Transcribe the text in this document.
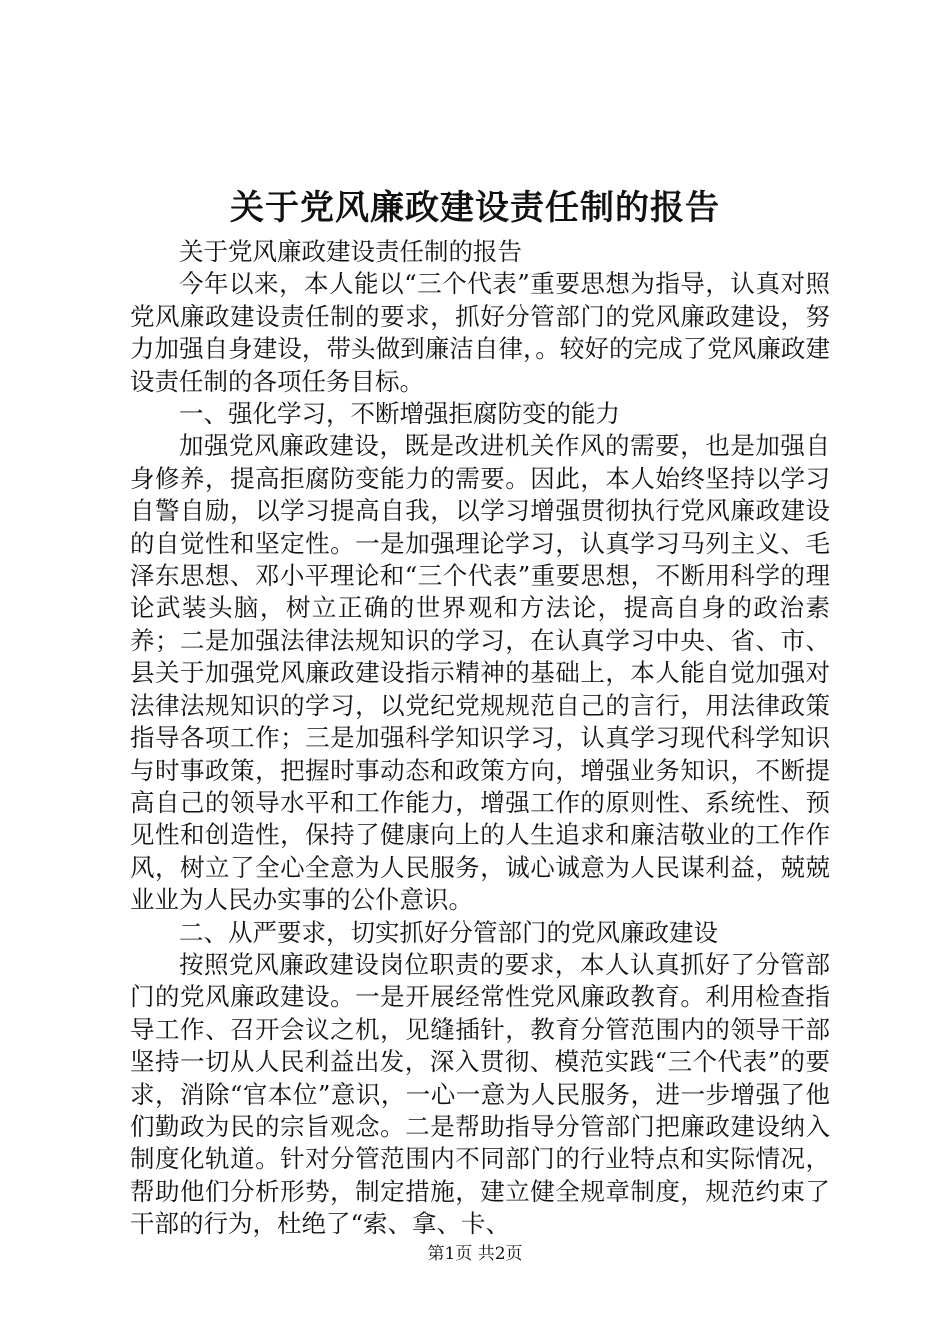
关于党风廉政建设责任制的报告

关于党风廉政建设责任制的报告

今年以来，本人能以“三个代表”重要思想为指导，认真对照党风廉政建设责任制的要求，抓好分管部门的党风廉政建设，努力加强自身建设，带头做到廉洁自律，。较好的完成了党风廉政建设责任制的各项任务目标。

一、强化学习，不断增强拒腐防变的能力

加强党风廉政建设，既是改进机关作风的需要，也是加强自身修养，提高拒腐防变能力的需要。因此，本人始终坚持以学习自警自励，以学习提高自我，以学习增强贯彻执行党风廉政建设的自觉性和坚定性。一是加强理论学习，认真学习马列主义、毛泽东思想、邓小平理论和“三个代表”重要思想，不断用科学的理论武装头脑，树立正确的世界观和方法论，提高自身的政治素养；二是加强法律法规知识的学习，在认真学习中央、省、市、县关于加强党风廉政建设指示精神的基础上，本人能自觉加强对法律法规知识的学习，以党纪党规规范自己的言行，用法律政策指导各项工作；三是加强科学知识学习，认真学习现代科学知识与时事政策，把握时事动态和政策方向，增强业务知识，不断提高自己的领导水平和工作能力，增强工作的原则性、系统性、预见性和创造性，保持了健康向上的人生追求和廉洁敬业的工作作风，树立了全心全意为人民服务，诚心诚意为人民谋利益，兢兢业业为人民办实事的公仆意识。

二、从严要求，切实抓好分管部门的党风廉政建设

按照党风廉政建设岗位职责的要求，本人认真抓好了分管部门的党风廉政建设。一是开展经常性党风廉政教育。利用检查指导工作、召开会议之机，见缝插针，教育分管范围内的领导干部坚持一切从人民利益出发，深入贯彻、模范实践“三个代表”的要求，消除“官本位”意识，一心一意为人民服务，进一步增强了他们勤政为民的宗旨观念。二是帮助指导分管部门把廉政建设纳入制度化轨道。针对分管范围内不同部门的行业特点和实际情况，帮助他们分析形势，制定措施，建立健全规章制度，规范约束了干部的行为，杜绝了“索、拿、卡、

第1页 共2页
